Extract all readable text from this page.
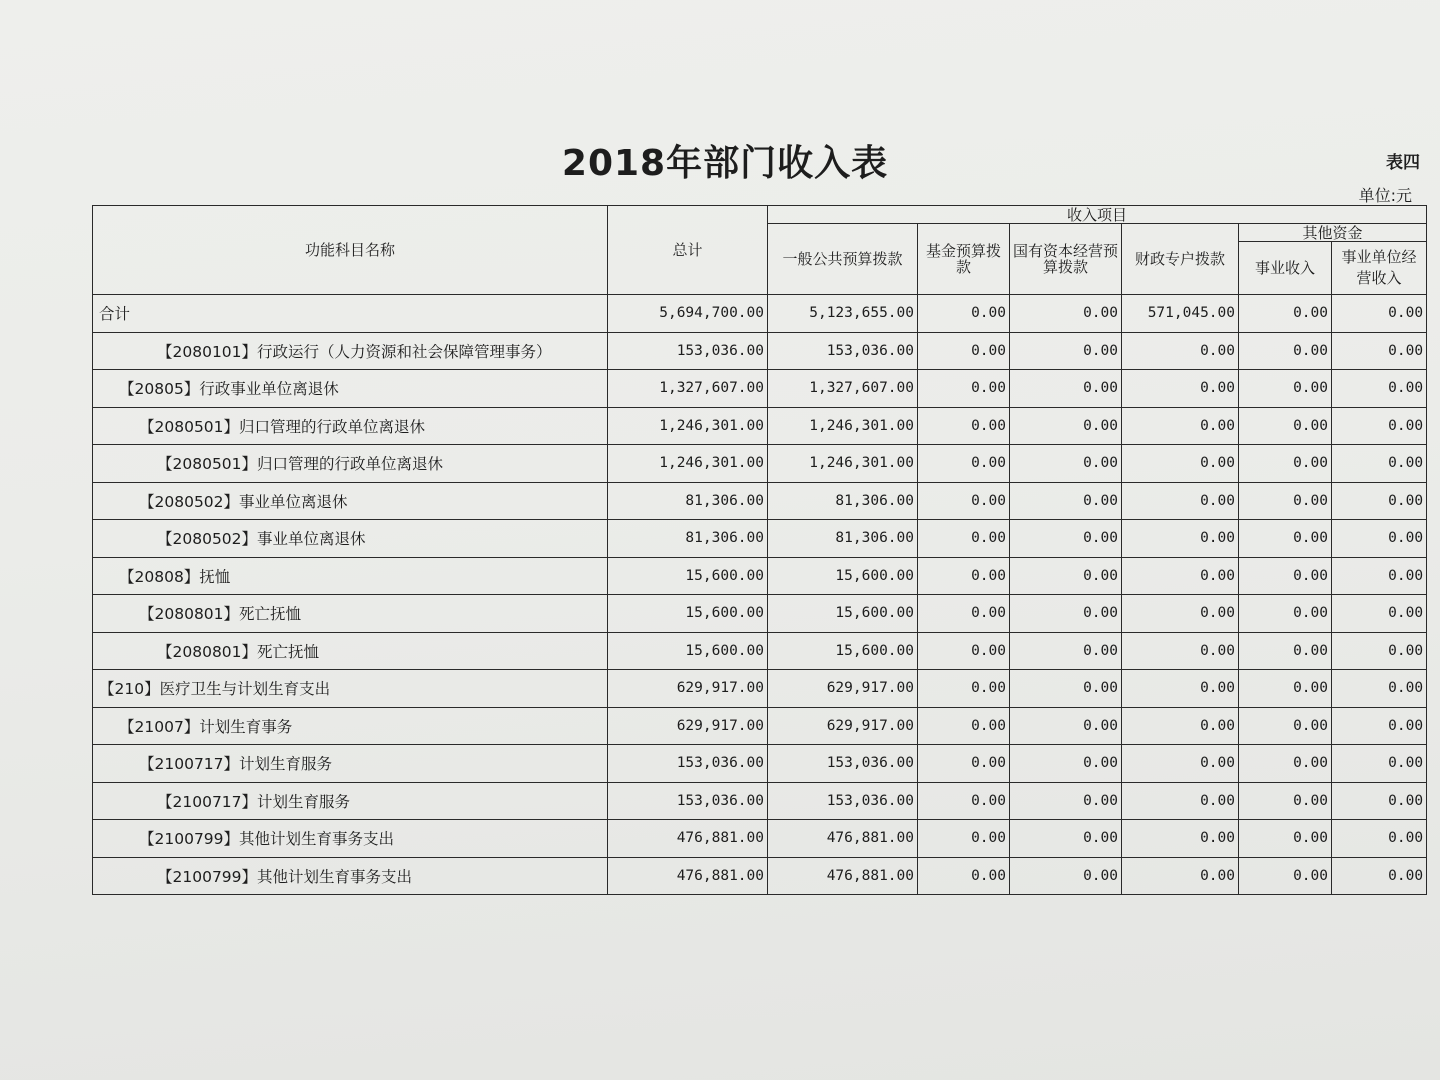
2018年部门收入表	表四
单位:元
功能科目名称	总计	收入项目					
		一般公共预算拨款	基金预算拨款	国有资本经营预算拨款	财政专户拨款	其他资金	
						事业收入	事业单位经营收入
合计	5,694,700.00	5,123,655.00	0.00	0.00	571,045.00	0.00	0.00
【2080101】行政运行（人力资源和社会保障管理事务）	153,036.00	153,036.00	0.00	0.00	0.00	0.00	0.00
【20805】行政事业单位离退休	1,327,607.00	1,327,607.00	0.00	0.00	0.00	0.00	0.00
【2080501】归口管理的行政单位离退休	1,246,301.00	1,246,301.00	0.00	0.00	0.00	0.00	0.00
【2080501】归口管理的行政单位离退休	1,246,301.00	1,246,301.00	0.00	0.00	0.00	0.00	0.00
【2080502】事业单位离退休	81,306.00	81,306.00	0.00	0.00	0.00	0.00	0.00
【2080502】事业单位离退休	81,306.00	81,306.00	0.00	0.00	0.00	0.00	0.00
【20808】抚恤	15,600.00	15,600.00	0.00	0.00	0.00	0.00	0.00
【2080801】死亡抚恤	15,600.00	15,600.00	0.00	0.00	0.00	0.00	0.00
【2080801】死亡抚恤	15,600.00	15,600.00	0.00	0.00	0.00	0.00	0.00
【210】医疗卫生与计划生育支出	629,917.00	629,917.00	0.00	0.00	0.00	0.00	0.00
【21007】计划生育事务	629,917.00	629,917.00	0.00	0.00	0.00	0.00	0.00
【2100717】计划生育服务	153,036.00	153,036.00	0.00	0.00	0.00	0.00	0.00
【2100717】计划生育服务	153,036.00	153,036.00	0.00	0.00	0.00	0.00	0.00
【2100799】其他计划生育事务支出	476,881.00	476,881.00	0.00	0.00	0.00	0.00	0.00
【2100799】其他计划生育事务支出	476,881.00	476,881.00	0.00	0.00	0.00	0.00	0.00
